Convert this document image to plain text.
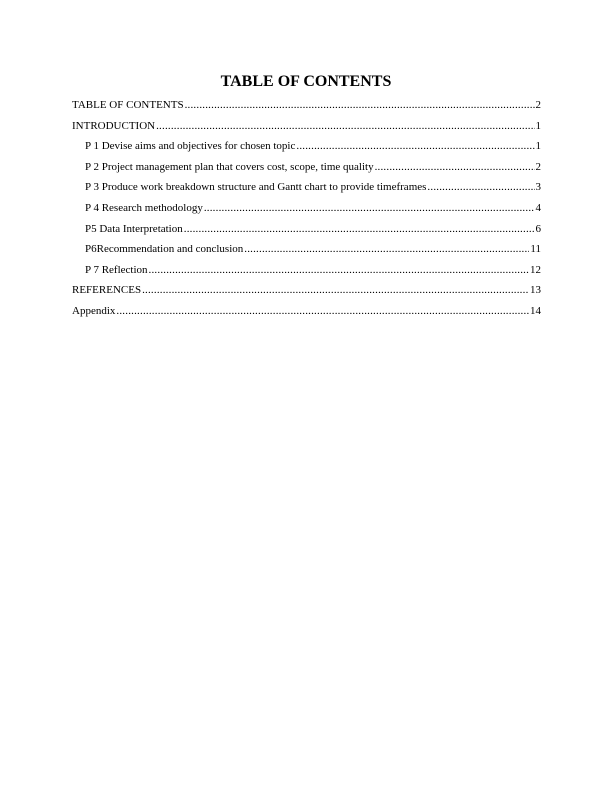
TABLE OF CONTENTS
TABLE OF CONTENTS .....	2
INTRODUCTION .....	1
P 1 Devise aims and objectives for chosen topic .....	1
P 2 Project management plan that covers cost, scope, time quality .....	2
P 3 Produce work breakdown structure and Gantt chart to provide timeframes .....	3
P 4 Research methodology .....	4
P5 Data Interpretation .....	6
P6Recommendation and conclusion .....	11
P 7 Reflection .....	12
REFERENCES .....	13
Appendix .....	14
